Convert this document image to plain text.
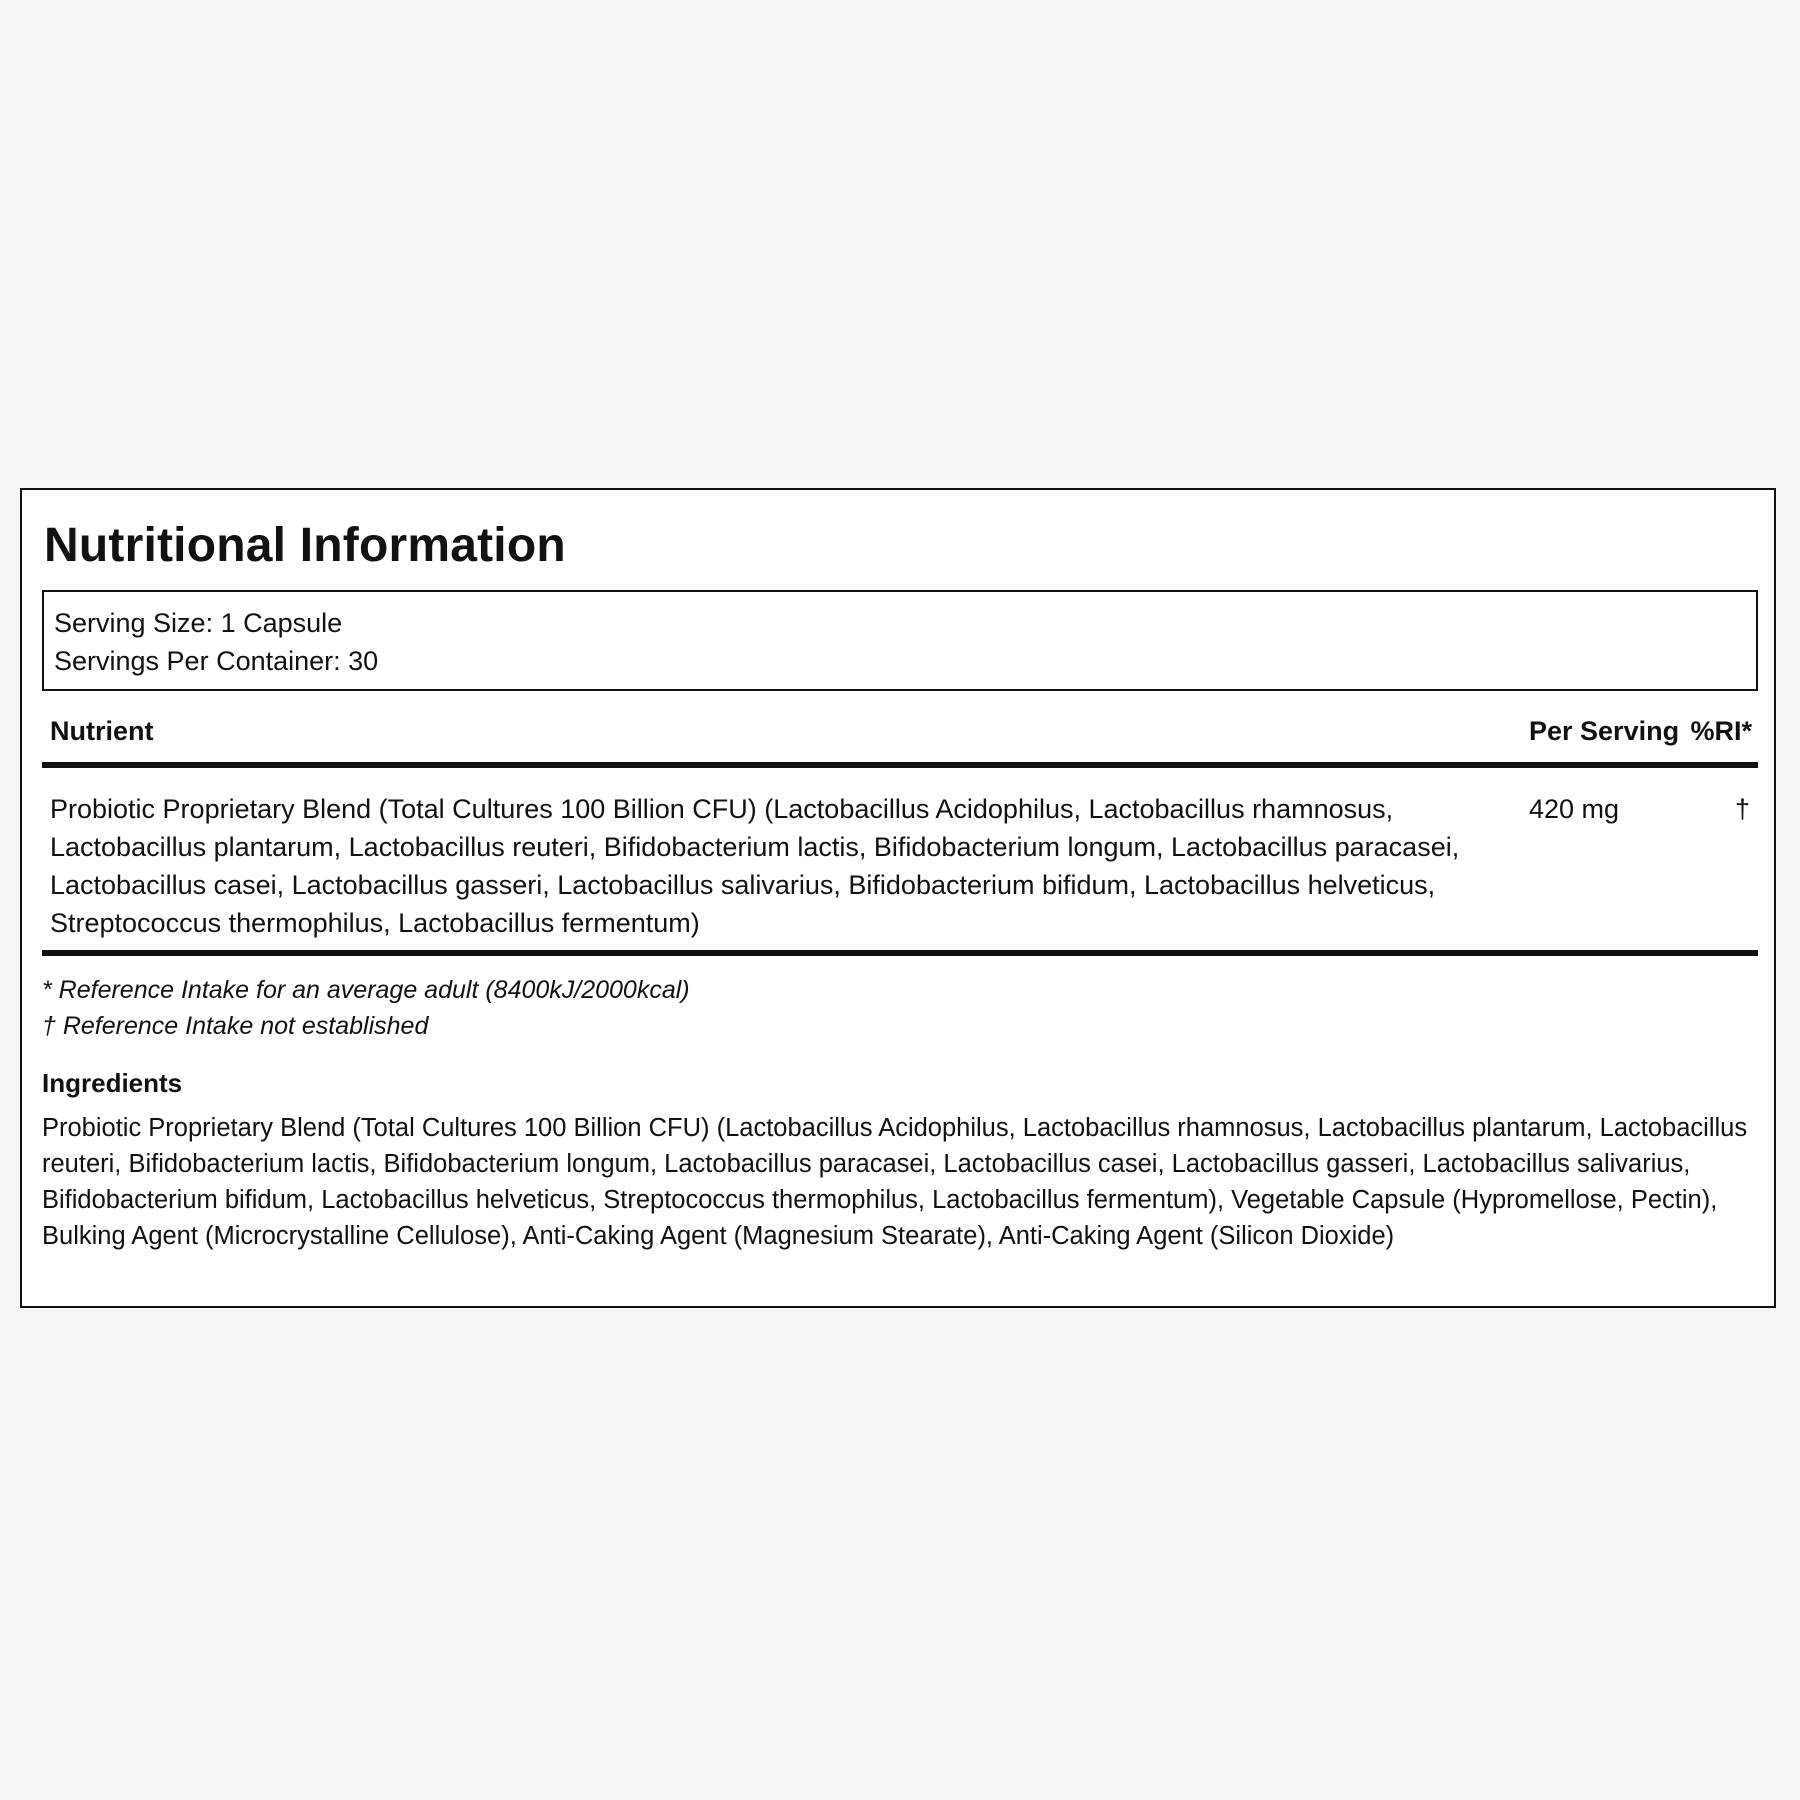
Nutritional Information
Serving Size: 1 Capsule
Servings Per Container: 30
Nutrient	Per Serving %RI*
Probiotic Proprietary Blend (Total Cultures 100 Billion CFU) (Lactobacillus Acidophilus, Lactobacillus rhamnosus, Lactobacillus plantarum, Lactobacillus reuteri, Bifidobacterium lactis, Bifidobacterium longum, Lactobacillus paracasei, Lactobacillus casei, Lactobacillus gasseri, Lactobacillus salivarius, Bifidobacterium bifidum, Lactobacillus helveticus, Streptococcus thermophilus, Lactobacillus fermentum)
420 mg	†
* Reference Intake for an average adult (8400kJ/2000kcal)
† Reference Intake not established
Ingredients

Probiotic Proprietary Blend (Total Cultures 100 Billion CFU) (Lactobacillus Acidophilus, Lactobacillus rhamnosus, Lactobacillus plantarum, Lactobacillus reuteri, Bifidobacterium lactis, Bifidobacterium longum, Lactobacillus paracasei, Lactobacillus casei, Lactobacillus gasseri, Lactobacillus salivarius, Bifidobacterium bifidum, Lactobacillus helveticus, Streptococcus thermophilus, Lactobacillus fermentum), Vegetable Capsule (Hypromellose, Pectin), Bulking Agent (Microcrystalline Cellulose), Anti-Caking Agent (Magnesium Stearate), Anti-Caking Agent (Silicon Dioxide)
